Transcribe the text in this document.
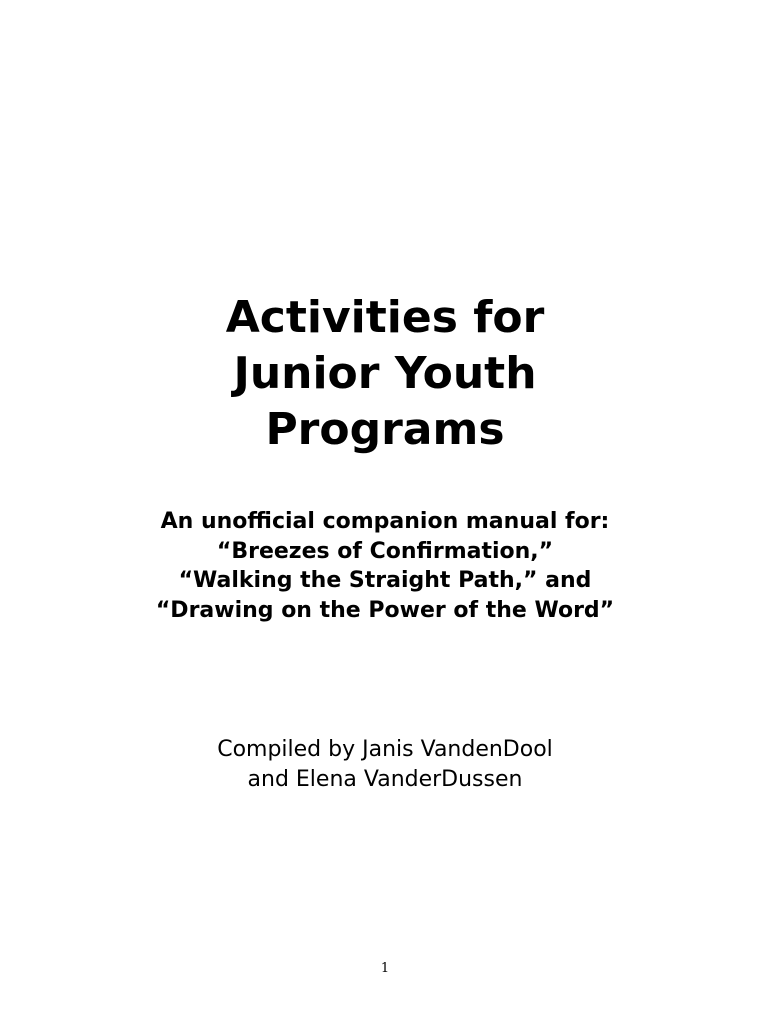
Activities for
Junior Youth
Programs
An unofficial companion manual for:
“Breezes of Confirmation,”
“Walking the Straight Path,” and
“Drawing on the Power of the Word”
Compiled by Janis VandenDool
and Elena VanderDussen
1
